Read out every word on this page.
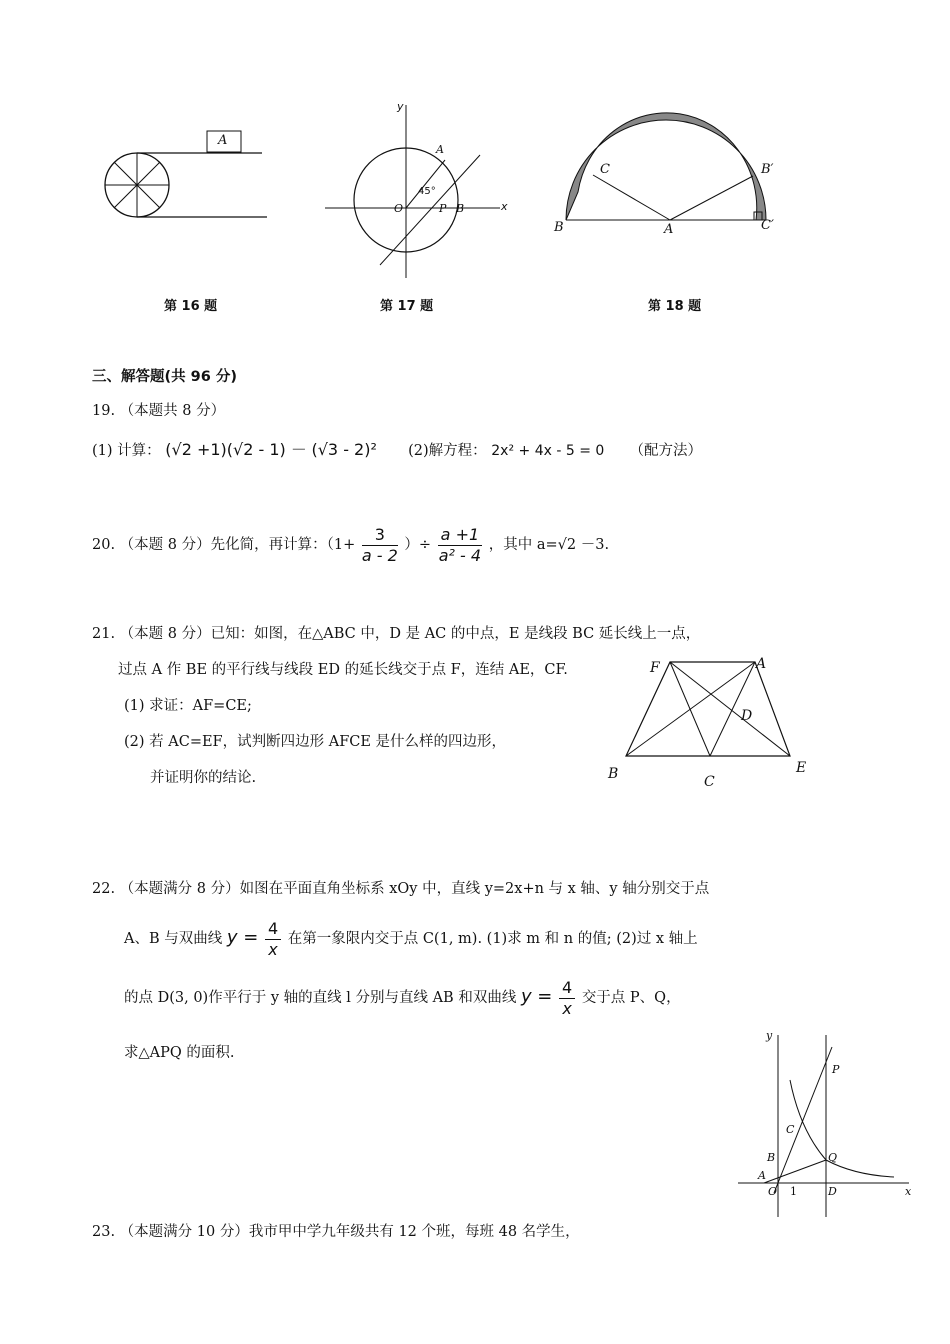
A
第 16 题
y
x
A
O	P B
45°
第 17 题
B	A
C	B′
C′
第 18 题
三、解答题(共 96 分)
19. （本题共 8 分）
(1) 计算： (√2 +1)(√2 - 1) － (√3 - 2)² (2)解方程： 2x² + 4x - 5 = 0 （配方法）
20. （本题 8 分）先化简，再计算：（$1+ \frac{3}{a - 2}$ ）÷ $\frac{a +1}{\text{a² - 4}}$ ，其中 a=√2 －3.
21. （本题 8 分）已知：如图，在△ABC 中，D 是 AC 的中点，E 是线段 BC 延长线上一点，
过点 A 作 BE 的平行线与线段 ED 的延长线交于点 F，连结 AE，CF.
(1) 求证：AF=CE;
(2) 若 AC=EF，试判断四边形 AFCE 是什么样的四边形，
并证明你的结论.
F	A
D
B	C
E
22. （本题满分 8 分）如图在平面直角坐标系 xOy 中，直线 y=2x+n 与 x 轴、y 轴分别交于点
A、B 与双曲线 $y = \frac{4}{x}$ 在第一象限内交于点 C(1, m). (1)求 m 和 n 的值; (2)过 x 轴上
的点 D(3, 0)作平行于 y 轴的直线 l 分别与直线 AB 和双曲线 $y = \frac{4}{x}$ 交于点 P、Q，
求△APQ 的面积.
y
x
O 1	D
A
B
C
P
Q
23. （本题满分 10 分）我市甲中学九年级共有 12 个班，每班 48 名学生，
